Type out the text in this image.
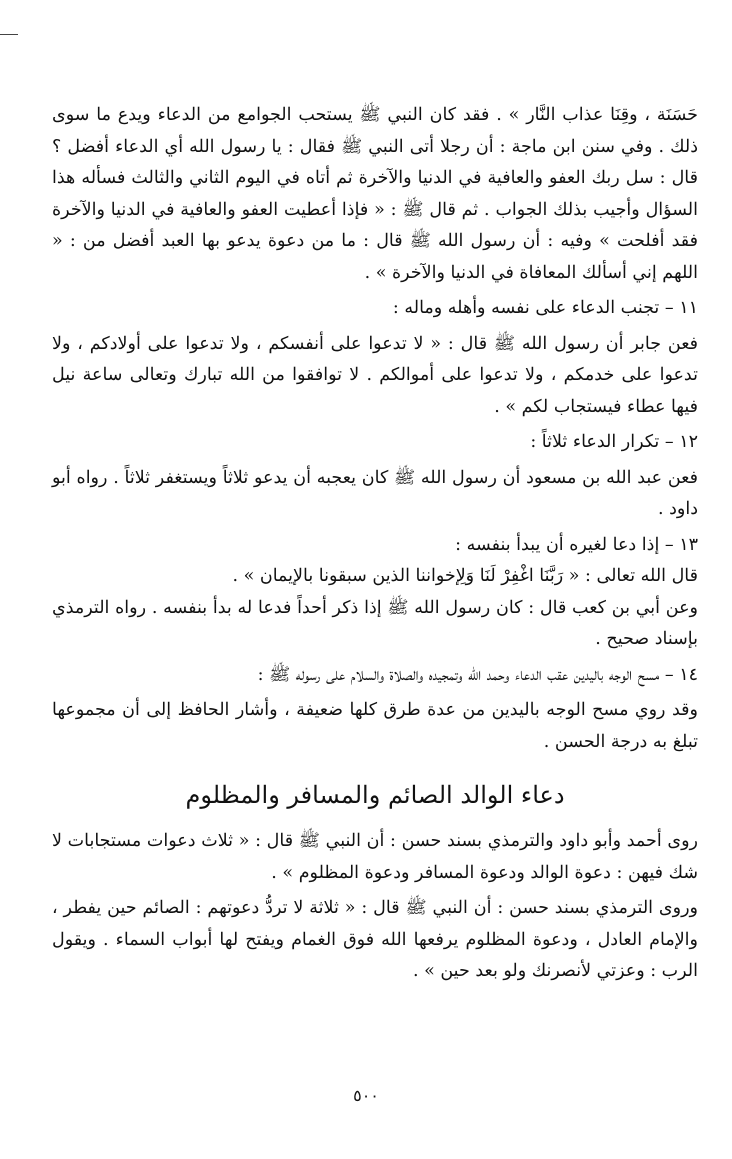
حَسَنَة ، وقِنَا عذاب النَّار » . فقد كان النبي ﷺ يستحب الجوامع من الدعاء ويدع ما سوى ذلك . وفي سنن ابن ماجة : أن رجلا أتى النبي ﷺ فقال : يا رسول الله أي الدعاء أفضل ؟ قال : سل ربك العفو والعافية في الدنيا والآخرة ثم أتاه في اليوم الثاني والثالث فسأله هذا السؤال وأجيب بذلك الجواب . ثم قال ﷺ : « فإذا أعطيت العفو والعافية في الدنيا والآخرة فقد أفلحت » وفيه : أن رسول الله ﷺ قال : ما من دعوة يدعو بها العبد أفضل من : « اللهم إني أسألك المعافاة في الدنيا والآخرة » .

١١ – تجنب الدعاء على نفسه وأهله وماله :

فعن جابر أن رسول الله ﷺ قال : « لا تدعوا على أنفسكم ، ولا تدعوا على أولادكم ، ولا تدعوا على خدمكم ، ولا تدعوا على أموالكم . لا توافقوا من الله تبارك وتعالى ساعة نيل فيها عطاء فيستجاب لكم » .

١٢ – تكرار الدعاء ثلاثاً :

فعن عبد الله بن مسعود أن رسول الله ﷺ كان يعجبه أن يدعو ثلاثاً ويستغفر ثلاثاً . رواه أبو داود .

١٣ – إذا دعا لغيره أن يبدأ بنفسه :

قال الله تعالى : « رَبَّنَا اغْفِرْ لَنَا وَلِإخواننا الذين سبقونا بالإيمان » .

وعن أبي بن كعب قال : كان رسول الله ﷺ إذا ذكر أحداً فدعا له بدأ بنفسه . رواه الترمذي بإسناد صحيح .

١٤ – مسح الوجه باليدين عقب الدعاء وحمد الله وتمجيده والصلاة والسلام على رسوله ﷺ :

وقد روي مسح الوجه باليدين من عدة طرق كلها ضعيفة ، وأشار الحافظ إلى أن مجموعها تبلغ به درجة الحسن .

دعاء الوالد الصائم والمسافر والمظلوم

روى أحمد وأبو داود والترمذي بسند حسن : أن النبي ﷺ قال : « ثلاث دعوات مستجابات لا شك فيهن : دعوة الوالد ودعوة المسافر ودعوة المظلوم » .

وروى الترمذي بسند حسن : أن النبي ﷺ قال : « ثلاثة لا تردُّ دعوتهم : الصائم حين يفطر ، والإمام العادل ، ودعوة المظلوم يرفعها الله فوق الغمام ويفتح لها أبواب السماء . ويقول الرب : وعزتي لأنصرنك ولو بعد حين » .

٥٠٠
